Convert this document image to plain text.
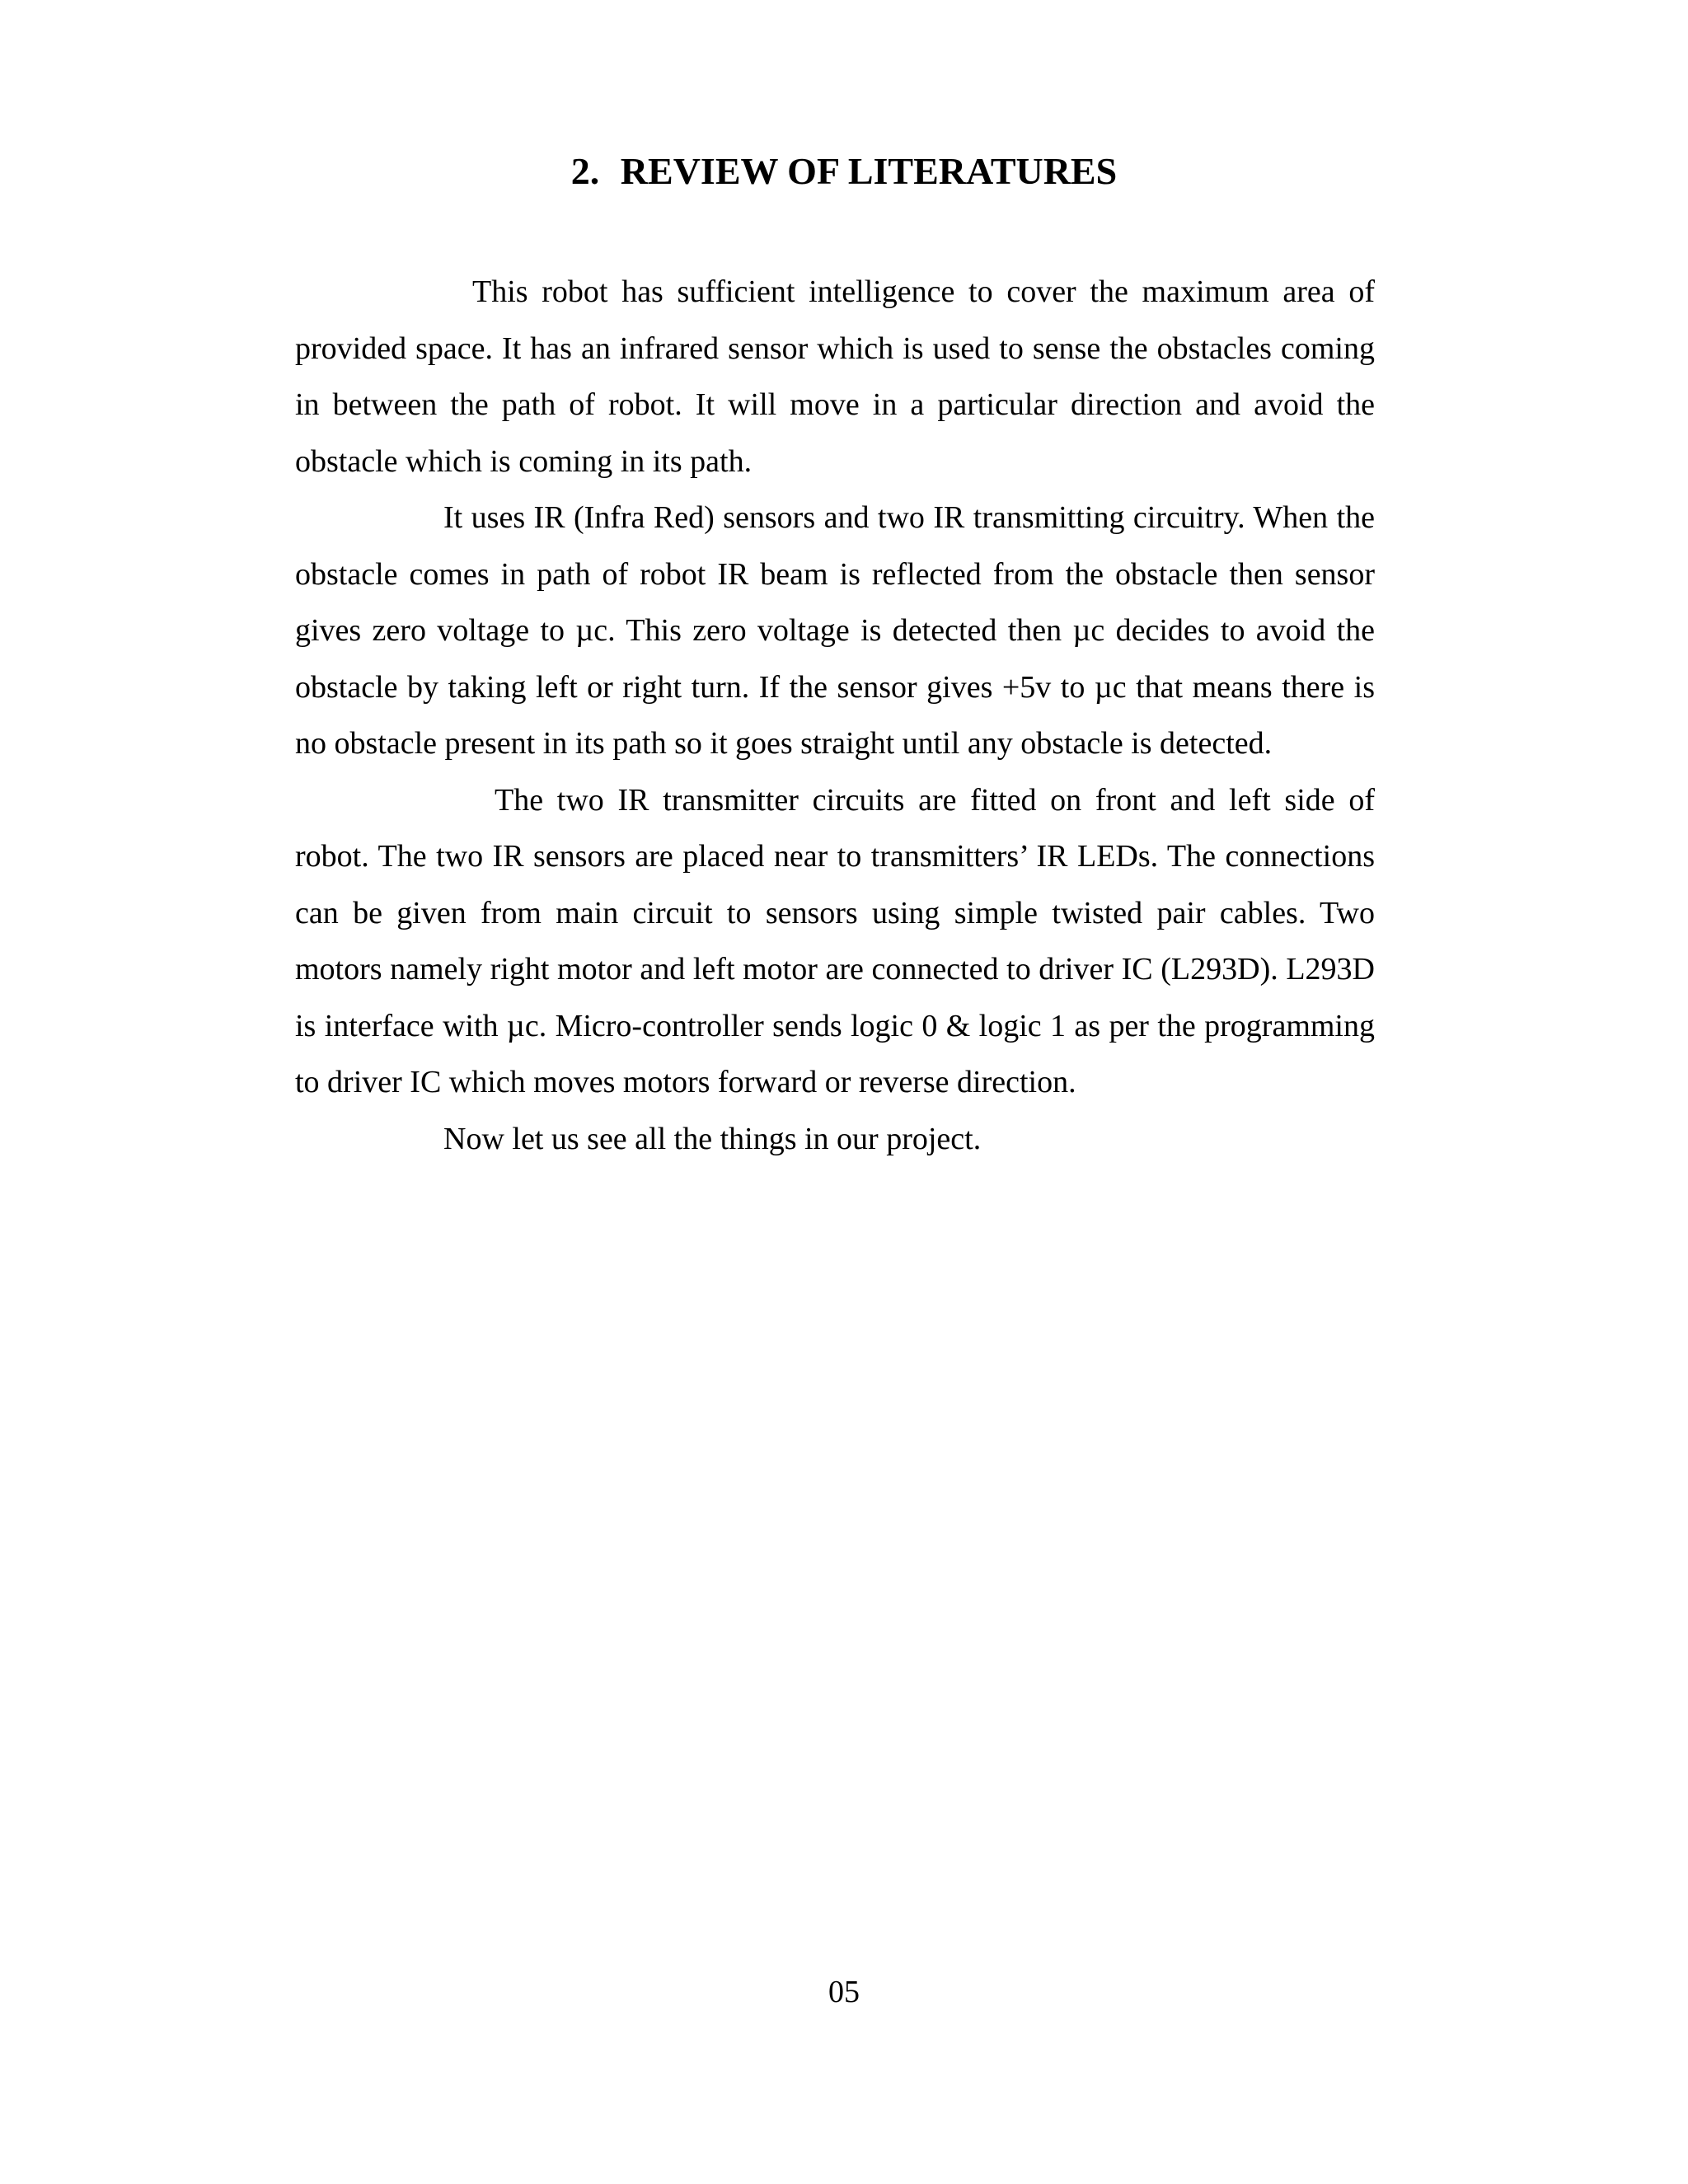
2. REVIEW OF LITERATURES

This robot has sufficient intelligence to cover the maximum area of provided space. It has an infrared sensor which is used to sense the obstacles coming in between the path of robot. It will move in a particular direction and avoid the obstacle which is coming in its path.

It uses IR (Infra Red) sensors and two IR transmitting circuitry. When the obstacle comes in path of robot IR beam is reflected from the obstacle then sensor gives zero voltage to µc. This zero voltage is detected then µc decides to avoid the obstacle by taking left or right turn. If the sensor gives +5v to µc that means there is no obstacle present in its path so it goes straight until any obstacle is detected.

The two IR transmitter circuits are fitted on front and left side of robot. The two IR sensors are placed near to transmitters’ IR LEDs. The connections can be given from main circuit to sensors using simple twisted pair cables. Two motors namely right motor and left motor are connected to driver IC (L293D). L293D is interface with µc. Micro-controller sends logic 0 & logic 1 as per the programming to driver IC which moves motors forward or reverse direction.

Now let us see all the things in our project.

05
